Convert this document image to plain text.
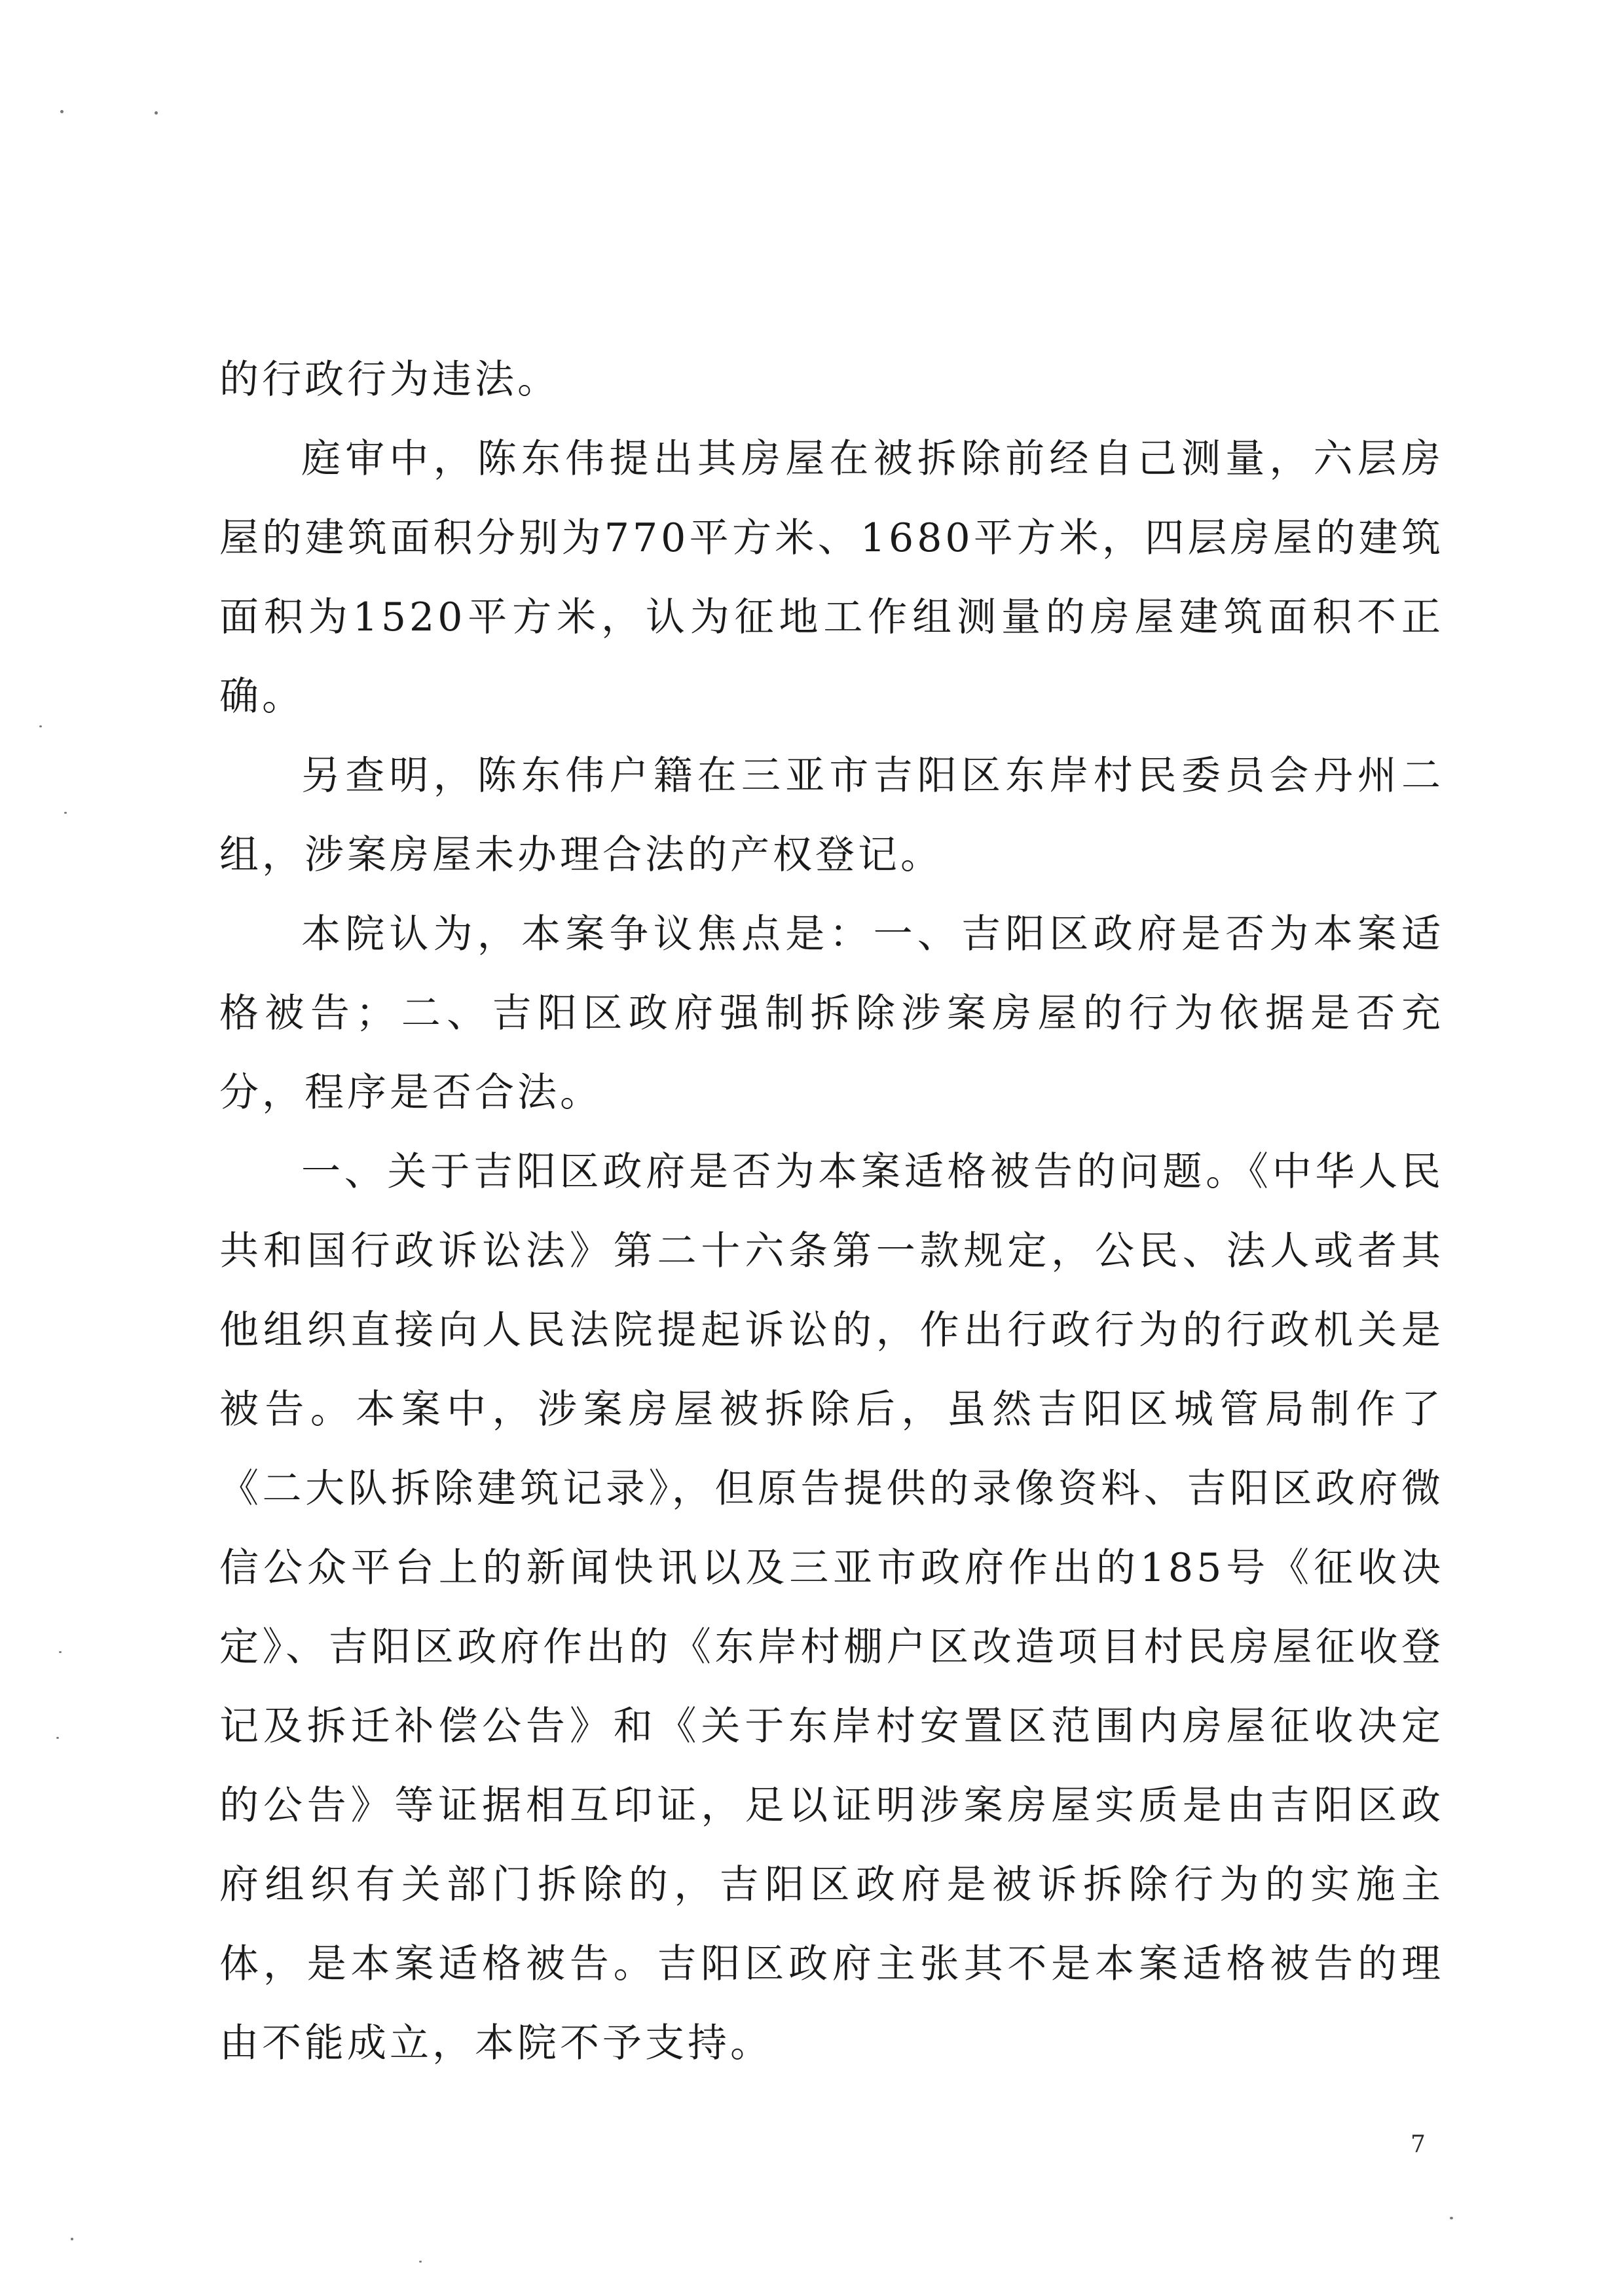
的行政行为违法。

庭审中，陈东伟提出其房屋在被拆除前经自己测量，六层房屋的建筑面积分别为770平方米、1680平方米，四层房屋的建筑面积为1520平方米，认为征地工作组测量的房屋建筑面积不正确。

另查明，陈东伟户籍在三亚市吉阳区东岸村民委员会丹州二组，涉案房屋未办理合法的产权登记。

本院认为，本案争议焦点是：一、吉阳区政府是否为本案适格被告；二、吉阳区政府强制拆除涉案房屋的行为依据是否充分，程序是否合法。

一、关于吉阳区政府是否为本案适格被告的问题。《中华人民共和国行政诉讼法》第二十六条第一款规定，公民、法人或者其他组织直接向人民法院提起诉讼的，作出行政行为的行政机关是被告。本案中，涉案房屋被拆除后，虽然吉阳区城管局制作了《二大队拆除建筑记录》，但原告提供的录像资料、吉阳区政府微信公众平台上的新闻快讯以及三亚市政府作出的185号《征收决定》、吉阳区政府作出的《东岸村棚户区改造项目村民房屋征收登记及拆迁补偿公告》和《关于东岸村安置区范围内房屋征收决定的公告》等证据相互印证，足以证明涉案房屋实质是由吉阳区政府组织有关部门拆除的，吉阳区政府是被诉拆除行为的实施主体，是本案适格被告。吉阳区政府主张其不是本案适格被告的理由不能成立，本院不予支持。

7
